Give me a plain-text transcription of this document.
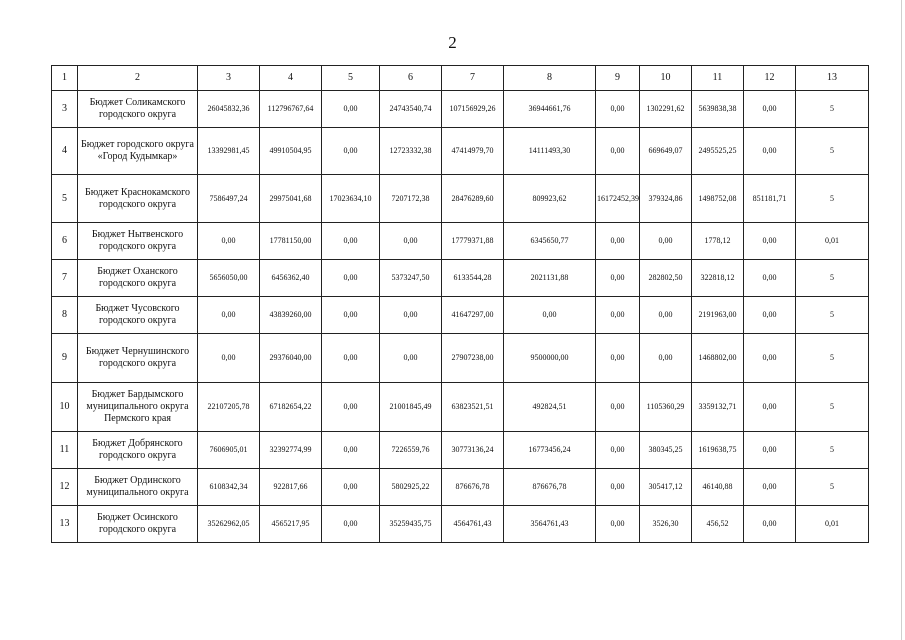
2
1	2	3	4	5	6	7	8	9	10	11	12	13
3	Бюджет Соликамского городского округа	26045832,36	112796767,64	0,00	24743540,74	107156929,26	36944661,76	0,00	1302291,62	5639838,38	0,00	5
4	Бюджет городского округа «Город Кудымкар»	13392981,45	49910504,95	0,00	12723332,38	47414979,70	14111493,30	0,00	669649,07	2495525,25	0,00	5
5	Бюджет Краснокамского городского округа	7586497,24	29975041,68	17023634,10	7207172,38	28476289,60	809923,62	16172452,39	379324,86	1498752,08	851181,71	5
6	Бюджет Нытвенского городского округа	0,00	17781150,00	0,00	0,00	17779371,88	6345650,77	0,00	0,00	1778,12	0,00	0,01
7	Бюджет Оханского городского округа	5656050,00	6456362,40	0,00	5373247,50	6133544,28	2021131,88	0,00	282802,50	322818,12	0,00	5
8	Бюджет Чусовского городского округа	0,00	43839260,00	0,00	0,00	41647297,00	0,00	0,00	0,00	2191963,00	0,00	5
9	Бюджет Чернушинского городского округа	0,00	29376040,00	0,00	0,00	27907238,00	9500000,00	0,00	0,00	1468802,00	0,00	5
10	Бюджет Бардымского муниципального округа Пермского края	22107205,78	67182654,22	0,00	21001845,49	63823521,51	492824,51	0,00	1105360,29	3359132,71	0,00	5
11	Бюджет Добрянского городского округа	7606905,01	32392774,99	0,00	7226559,76	30773136,24	16773456,24	0,00	380345,25	1619638,75	0,00	5
12	Бюджет Ординского муниципального округа	6108342,34	922817,66	0,00	5802925,22	876676,78	876676,78	0,00	305417,12	46140,88	0,00	5
13	Бюджет Осинского городского округа	35262962,05	4565217,95	0,00	35259435,75	4564761,43	3564761,43	0,00	3526,30	456,52	0,00	0,01
